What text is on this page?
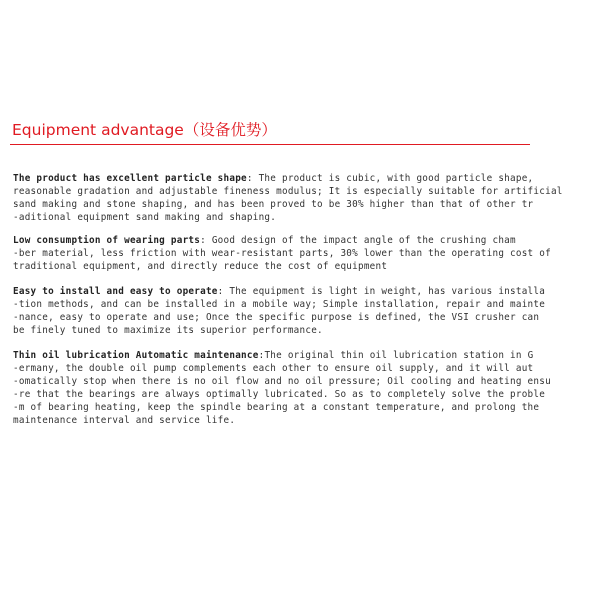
Equipment advantage（设备优势）
The product has excellent particle shape: The product is cubic, with good particle shape,
reasonable gradation and adjustable fineness modulus; It is especially suitable for artificial
sand making and stone shaping, and has been proved to be 30% higher than that of other tr
-aditional equipment sand making and shaping.
Low consumption of wearing parts: Good design of the impact angle of the crushing cham
-ber material, less friction with wear-resistant parts, 30% lower than the operating cost of
traditional equipment, and directly reduce the cost of equipment
Easy to install and easy to operate: The equipment is light in weight, has various installa
-tion methods, and can be installed in a mobile way; Simple installation, repair and mainte
-nance, easy to operate and use; Once the specific purpose is defined, the VSI crusher can
be finely tuned to maximize its superior performance.
Thin oil lubrication Automatic maintenance:The original thin oil lubrication station in G
-ermany, the double oil pump complements each other to ensure oil supply, and it will aut
-omatically stop when there is no oil flow and no oil pressure; Oil cooling and heating ensu
-re that the bearings are always optimally lubricated. So as to completely solve the proble
-m of bearing heating, keep the spindle bearing at a constant temperature, and prolong the
maintenance interval and service life.
